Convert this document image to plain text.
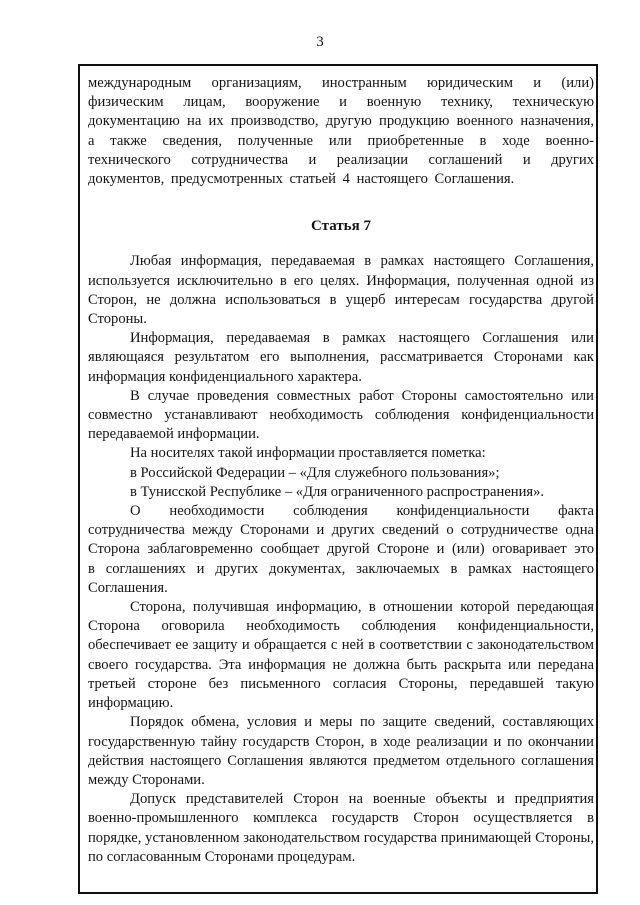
3

международным организациям, иностранным юридическим и (или) физическим лицам, вооружение и военную технику, техническую документацию на их производство, другую продукцию военного назначения, а также сведения, полученные или приобретенные в ходе военно-технического сотрудничества и реализации соглашений и других документов, предусмотренных статьей 4 настоящего Соглашения.

Статья 7

Любая информация, передаваемая в рамках настоящего Соглашения, используется исключительно в его целях. Информация, полученная одной из Сторон, не должна использоваться в ущерб интересам государства другой Стороны.

Информация, передаваемая в рамках настоящего Соглашения или являющаяся результатом его выполнения, рассматривается Сторонами как информация конфиденциального характера.

В случае проведения совместных работ Стороны самостоятельно или совместно устанавливают необходимость соблюдения конфиденциальности передаваемой информации.

На носителях такой информации проставляется пометка:

в Российской Федерации – «Для служебного пользования»;

в Тунисской Республике – «Для ограниченного распространения».

О необходимости соблюдения конфиденциальности факта сотрудничества между Сторонами и других сведений о сотрудничестве одна Сторона заблаговременно сообщает другой Стороне и (или) оговаривает это в соглашениях и других документах, заключаемых в рамках настоящего Соглашения.

Сторона, получившая информацию, в отношении которой передающая Сторона оговорила необходимость соблюдения конфиденциальности, обеспечивает ее защиту и обращается с ней в соответствии с законодательством своего государства. Эта информация не должна быть раскрыта или передана третьей стороне без письменного согласия Стороны, передавшей такую информацию.

Порядок обмена, условия и меры по защите сведений, составляющих государственную тайну государств Сторон, в ходе реализации и по окончании действия настоящего Соглашения являются предметом отдельного соглашения между Сторонами.

Допуск представителей Сторон на военные объекты и предприятия военно-промышленного комплекса государств Сторон осуществляется в порядке, установленном законодательством государства принимающей Стороны, по согласованным Сторонами процедурам.
